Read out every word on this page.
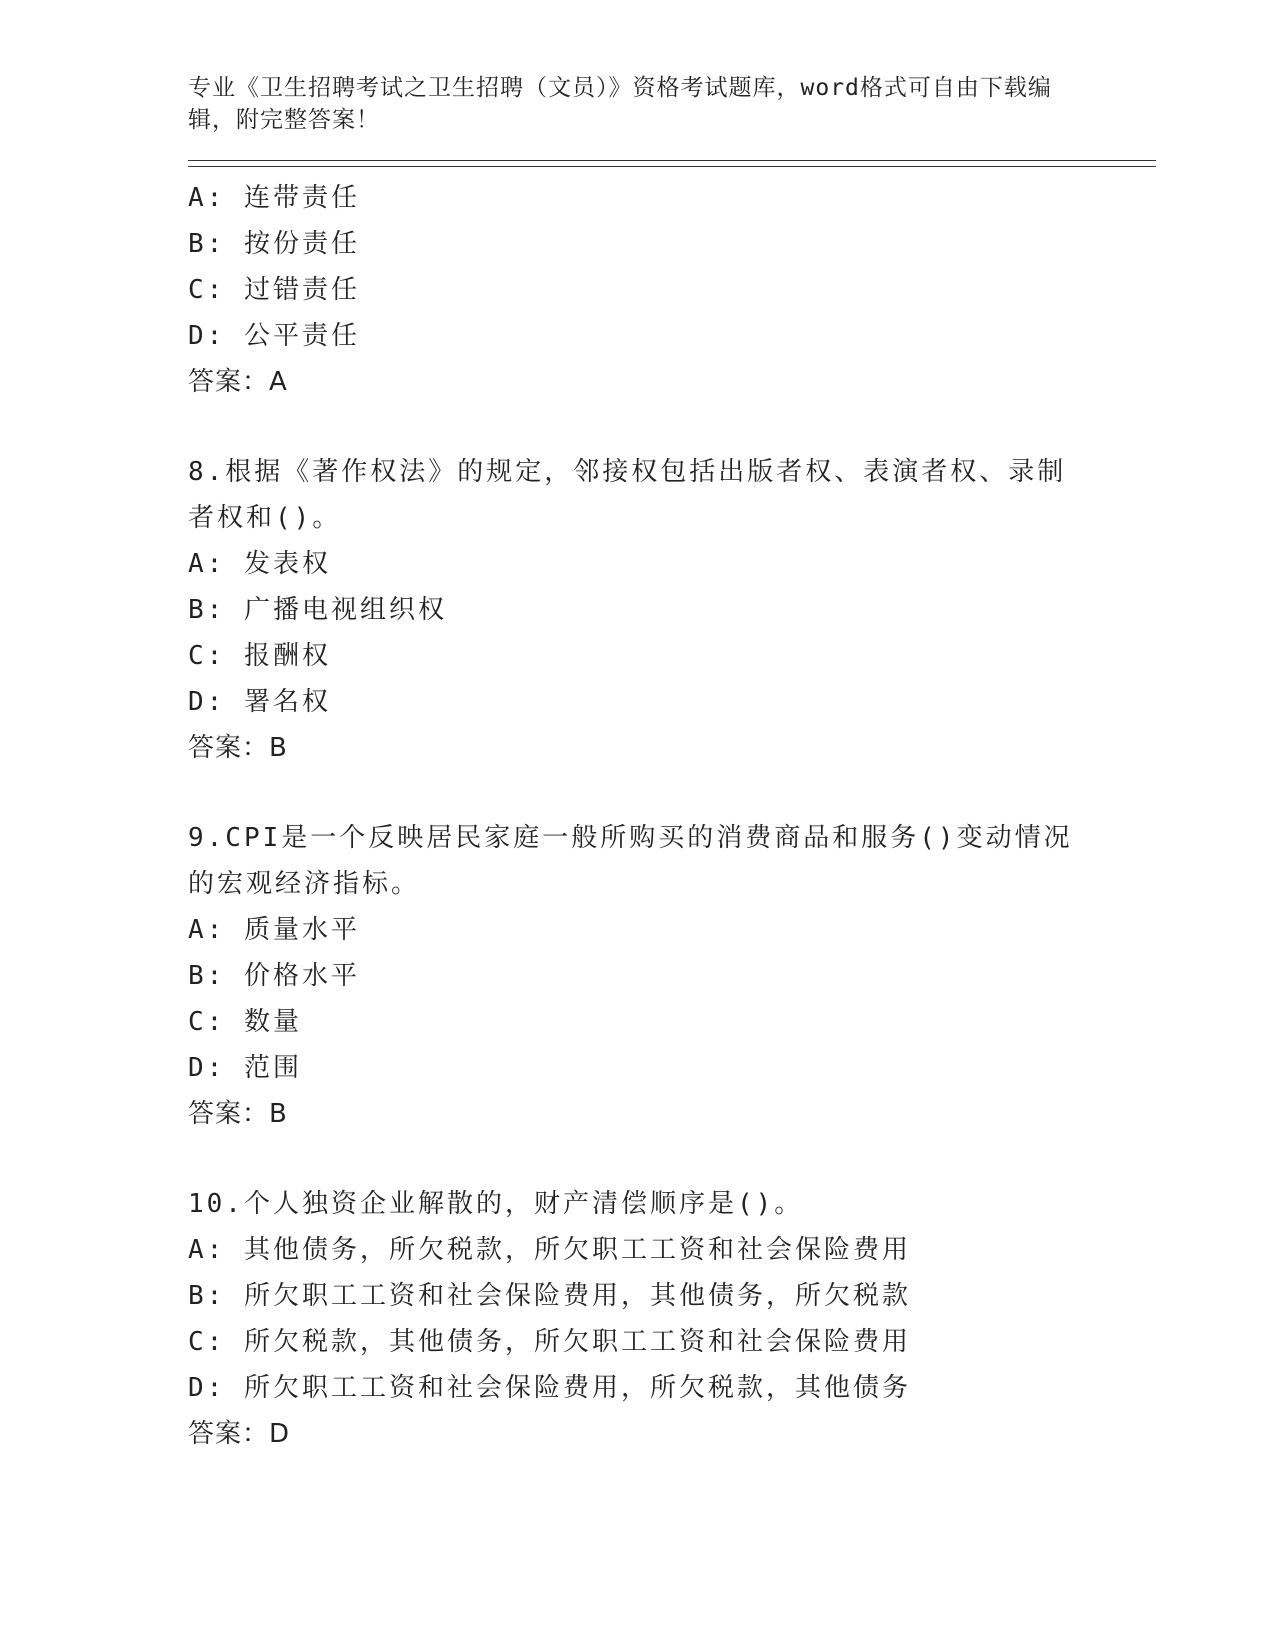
专业《卫生招聘考试之卫生招聘（文员）》资格考试题库，word格式可自由下载编辑，附完整答案！

A: 连带责任
B: 按份责任
C: 过错责任
D: 公平责任
答案：A
8.根据《著作权法》的规定，邻接权包括出版者权、表演者权、录制者权和()。
A: 发表权
B: 广播电视组织权
C: 报酬权
D: 署名权
答案：B
9.CPI是一个反映居民家庭一般所购买的消费商品和服务()变动情况的宏观经济指标。
A: 质量水平
B: 价格水平
C: 数量
D: 范围
答案：B
10.个人独资企业解散的，财产清偿顺序是()。
A: 其他债务，所欠税款，所欠职工工资和社会保险费用
B: 所欠职工工资和社会保险费用，其他债务，所欠税款
C: 所欠税款，其他债务，所欠职工工资和社会保险费用
D: 所欠职工工资和社会保险费用，所欠税款，其他债务
答案：D
